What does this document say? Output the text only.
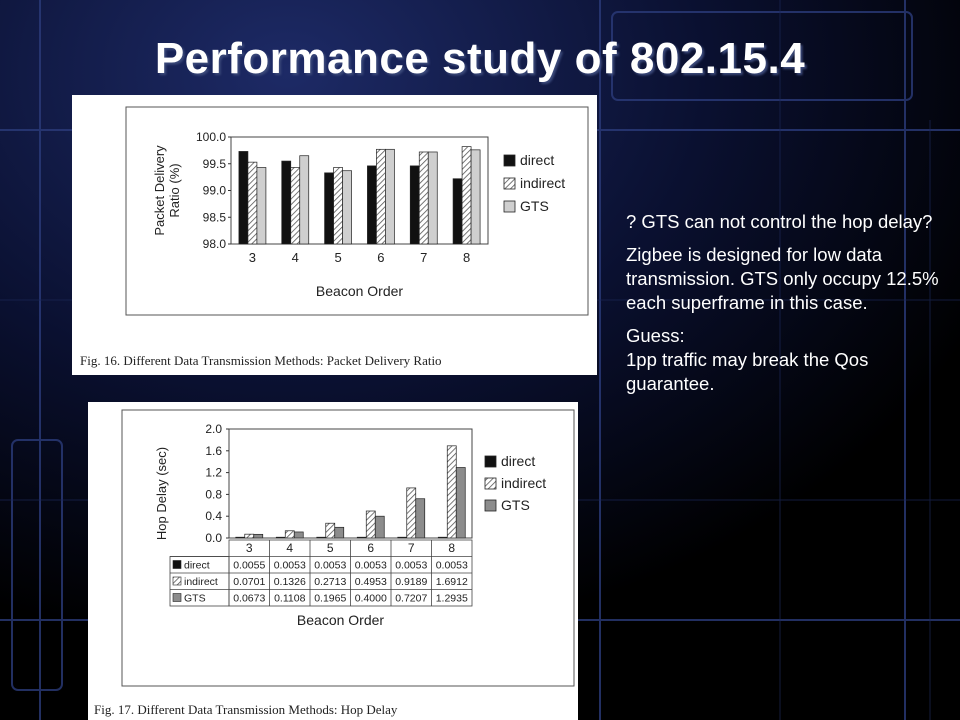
Performance study of 802.15.4
98.0
98.5
99.0
99.5
100.0
Packet DeliveryRatio (%)
3	4	5	6	7	8
Beacon Order
direct
indirect
GTS
Fig. 16. Different Data Transmission Methods: Packet Delivery Ratio
0.0
0.4
0.8
1.2
1.6
2.0
Hop Delay (sec)
3	4	5	6	7	8
direct 0.0055 0.0053 0.0053 0.0053 0.0053 0.0053
indirect 0.0701 0.1326 0.2713 0.4953 0.9189 1.6912
GTS	0.0673 0.1108 0.1965 0.4000 0.7207 1.2935
Beacon Order
direct
indirect
GTS
Fig. 17. Different Data Transmission Methods: Hop Delay

? GTS can not control the hop delay?

Zigbee is designed for low data transmission. GTS only occupy 12.5% each superframe in this case.

Guess:
1pp traffic may break the Qos guarantee.
